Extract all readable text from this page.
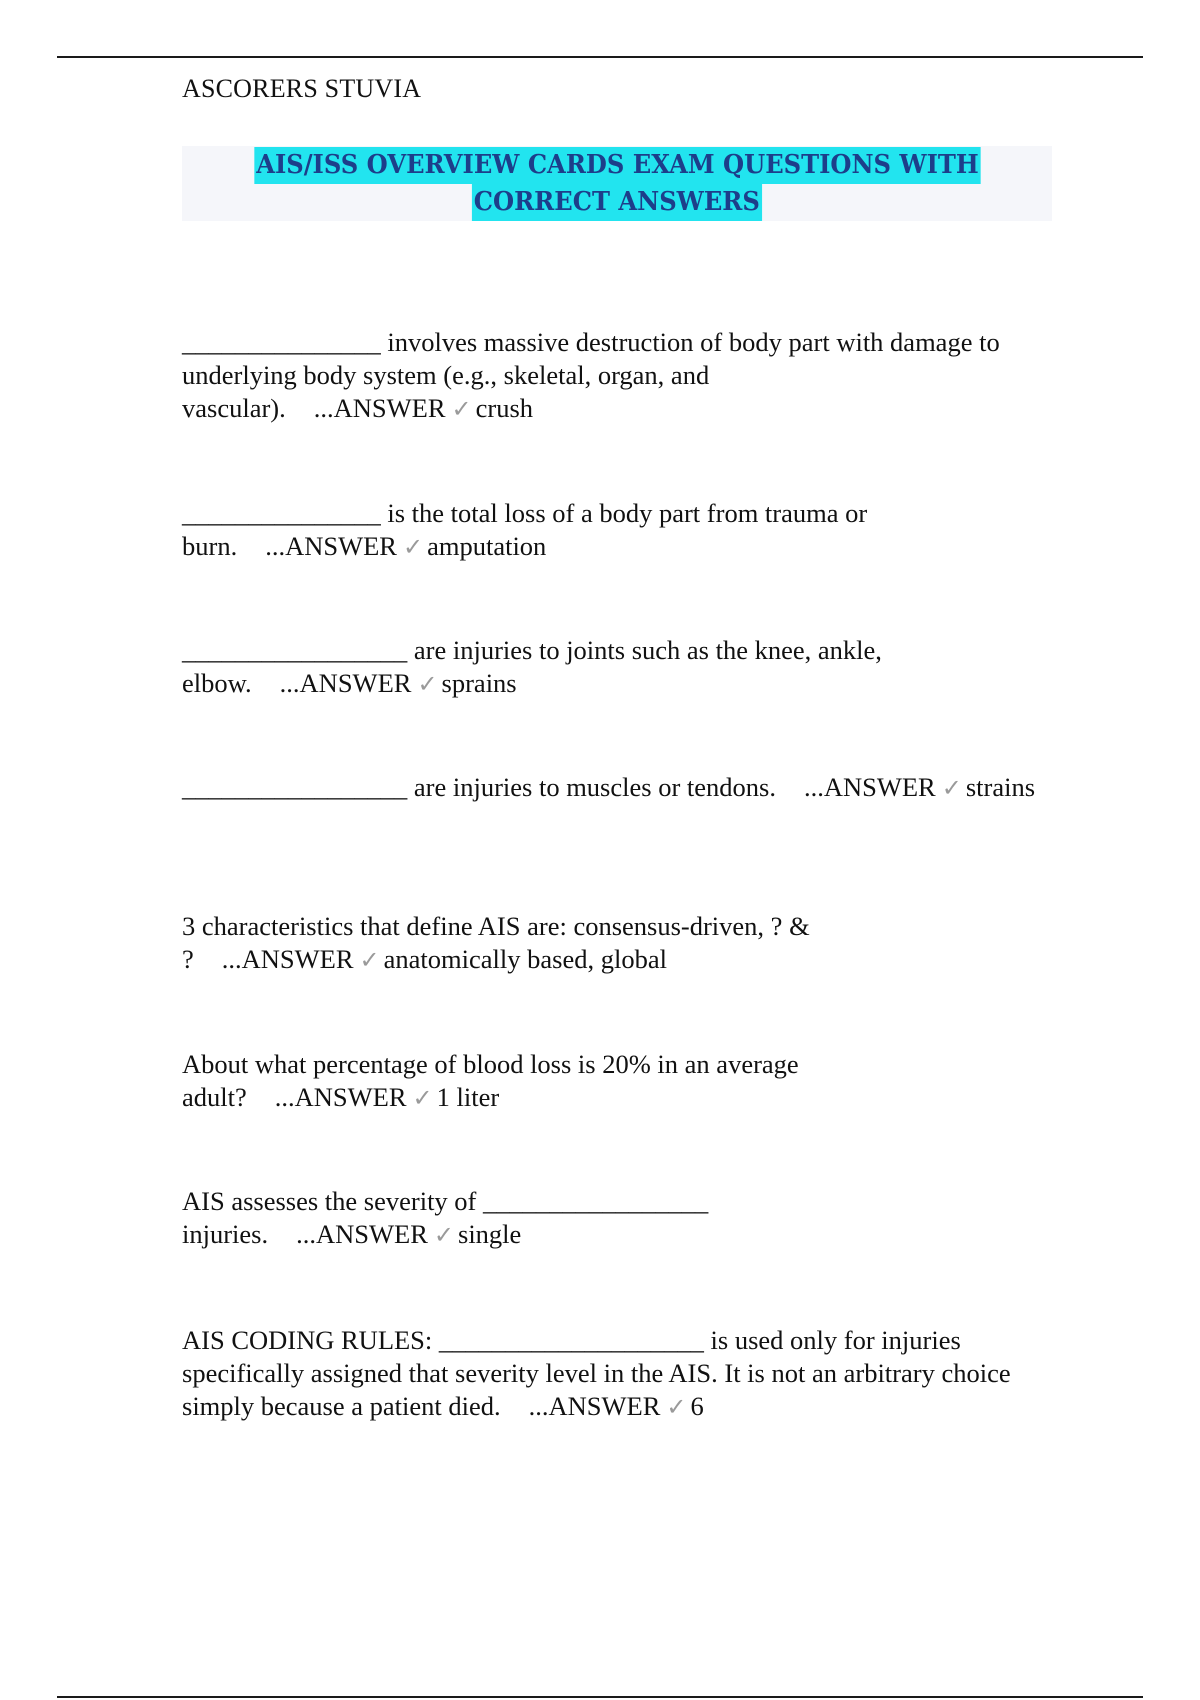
ASCORERS STUVIA
AIS/ISS OVERVIEW CARDS EXAM QUESTIONS WITH
CORRECT ANSWERS

_______________ involves massive destruction of body part with damage to underlying body system (e.g., skeletal, organ, and vascular). ...ANSWER ✓ crush

_______________ is the total loss of a body part from trauma or burn. ...ANSWER ✓ amputation

_________________ are injuries to joints such as the knee, ankle, elbow. ...ANSWER ✓ sprains

_________________ are injuries to muscles or tendons. ...ANSWER ✓ strains

3 characteristics that define AIS are: consensus-driven, ? & ? ...ANSWER ✓ anatomically based, global

About what percentage of blood loss is 20% in an average adult? ...ANSWER ✓ 1 liter

AIS assesses the severity of _________________ injuries. ...ANSWER ✓ single

AIS CODING RULES: ____________________ is used only for injuries specifically assigned that severity level in the AIS. It is not an arbitrary choice simply because a patient died. ...ANSWER ✓ 6
